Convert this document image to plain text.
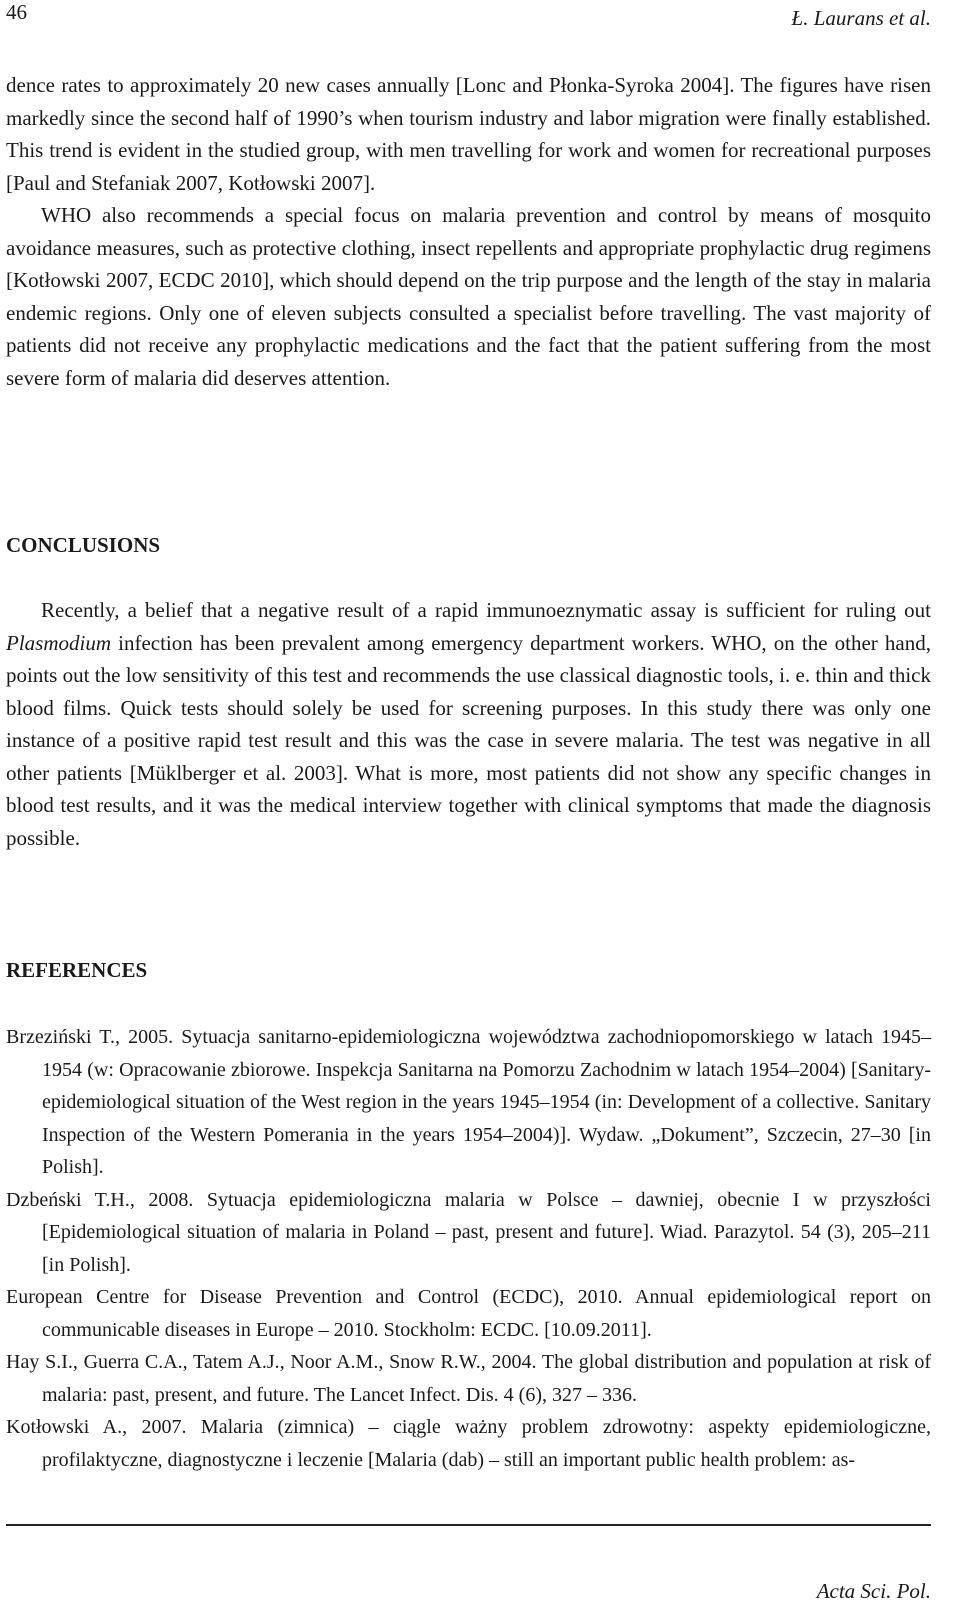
46	Ł. Laurans et al.

dence rates to approximately 20 new cases annually [Lonc and Płonka-Syroka 2004]. The figures have risen markedly since the second half of 1990’s when tourism industry and labor migration were finally established. This trend is evident in the studied group, with men travelling for work and women for recreational purposes [Paul and Stefaniak 2007, Kotłowski 2007].

WHO also recommends a special focus on malaria prevention and control by means of mosquito avoidance measures, such as protective clothing, insect repellents and appropriate prophylactic drug regimens [Kotłowski 2007, ECDC 2010], which should depend on the trip purpose and the length of the stay in malaria endemic regions. Only one of eleven subjects consulted a specialist before travelling. The vast majority of patients did not receive any prophylactic medications and the fact that the patient suffering from the most severe form of malaria did deserves attention.

CONCLUSIONS

Recently, a belief that a negative result of a rapid immunoeznymatic assay is sufficient for ruling out Plasmodium infection has been prevalent among emergency department workers. WHO, on the other hand, points out the low sensitivity of this test and recommends the use classical diagnostic tools, i. e. thin and thick blood films. Quick tests should solely be used for screening purposes. In this study there was only one instance of a positive rapid test result and this was the case in severe malaria. The test was negative in all other patients [Müklberger et al. 2003]. What is more, most patients did not show any specific changes in blood test results, and it was the medical interview together with clinical symptoms that made the diagnosis possible.

REFERENCES

Brzeziński T., 2005. Sytuacja sanitarno-epidemiologiczna województwa zachodniopomorskiego w latach 1945–1954 (w: Opracowanie zbiorowe. Inspekcja Sanitarna na Pomorzu Zachodnim w latach 1954–2004) [Sanitary-epidemiological situation of the West region in the years 1945–1954 (in: Development of a collective. Sanitary Inspection of the Western Pomerania in the years 1954–2004)]. Wydaw. „Dokument”, Szczecin, 27–30 [in Polish].

Dzbeński T.H., 2008. Sytuacja epidemiologiczna malaria w Polsce – dawniej, obecnie I w przyszłości [Epidemiological situation of malaria in Poland – past, present and future]. Wiad. Parazytol. 54 (3), 205–211 [in Polish].

European Centre for Disease Prevention and Control (ECDC), 2010. Annual epidemiological report on communicable diseases in Europe – 2010. Stockholm: ECDC. [10.09.2011].

Hay S.I., Guerra C.A., Tatem A.J., Noor A.M., Snow R.W., 2004. The global distribution and population at risk of malaria: past, present, and future. The Lancet Infect. Dis. 4 (6), 327 – 336.

Kotłowski A., 2007. Malaria (zimnica) – ciągle ważny problem zdrowotny: aspekty epidemiologiczne, profilaktyczne, diagnostyczne i leczenie [Malaria (dab) – still an important public health problem: as-

Acta Sci. Pol.
